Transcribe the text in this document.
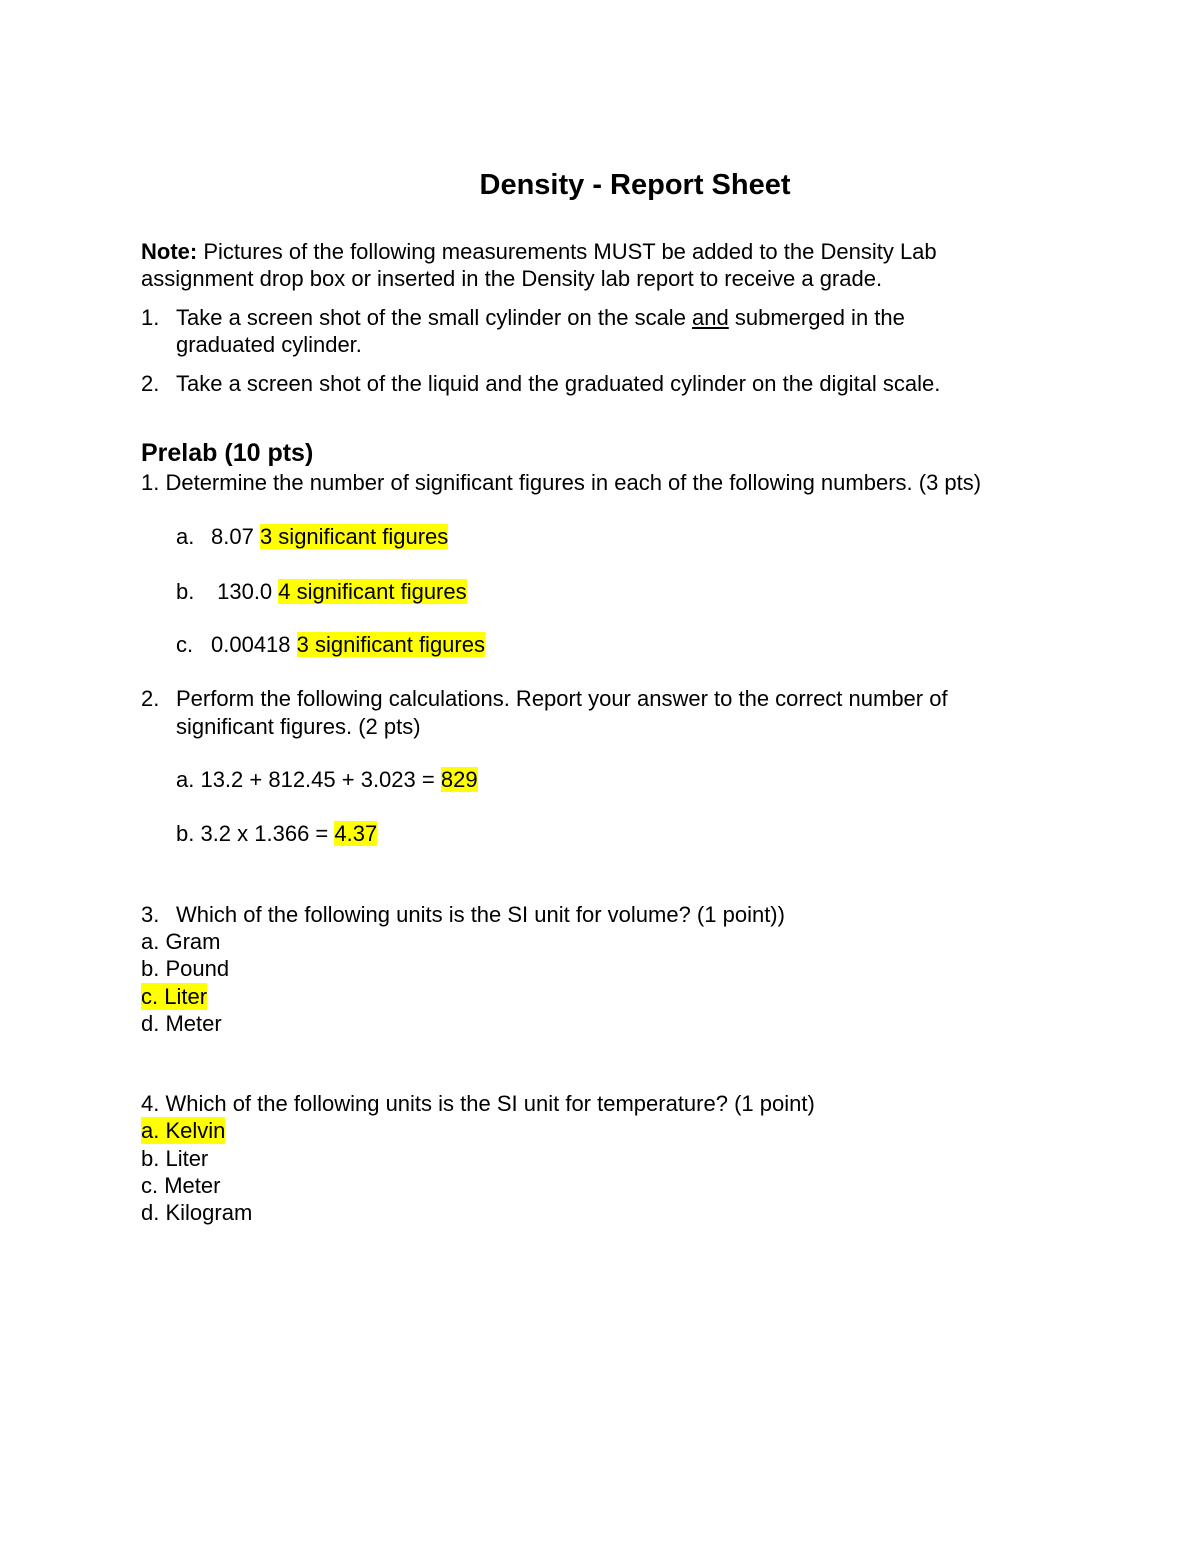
Density - Report Sheet
Note: Pictures of the following measurements MUST be added to the Density Lab
assignment drop box or inserted in the Density lab report to receive a grade.
1. Take a screen shot of the small cylinder on the scale and submerged in the
graduated cylinder.
2. Take a screen shot of the liquid and the graduated cylinder on the digital scale.
Prelab (10 pts)
1. Determine the number of significant figures in each of the following numbers. (3 pts)
a. 8.07 3 significant figures
b. 130.0 4 significant figures
c. 0.00418 3 significant figures
2. Perform the following calculations. Report your answer to the correct number of
significant figures. (2 pts)
a. 13.2 + 812.45 + 3.023 = 829
b. 3.2 x 1.366 = 4.37
3. Which of the following units is the SI unit for volume? (1 point))
a. Gram
b. Pound
c. Liter
d. Meter
4. Which of the following units is the SI unit for temperature? (1 point)
a. Kelvin
b. Liter
c. Meter
d. Kilogram
